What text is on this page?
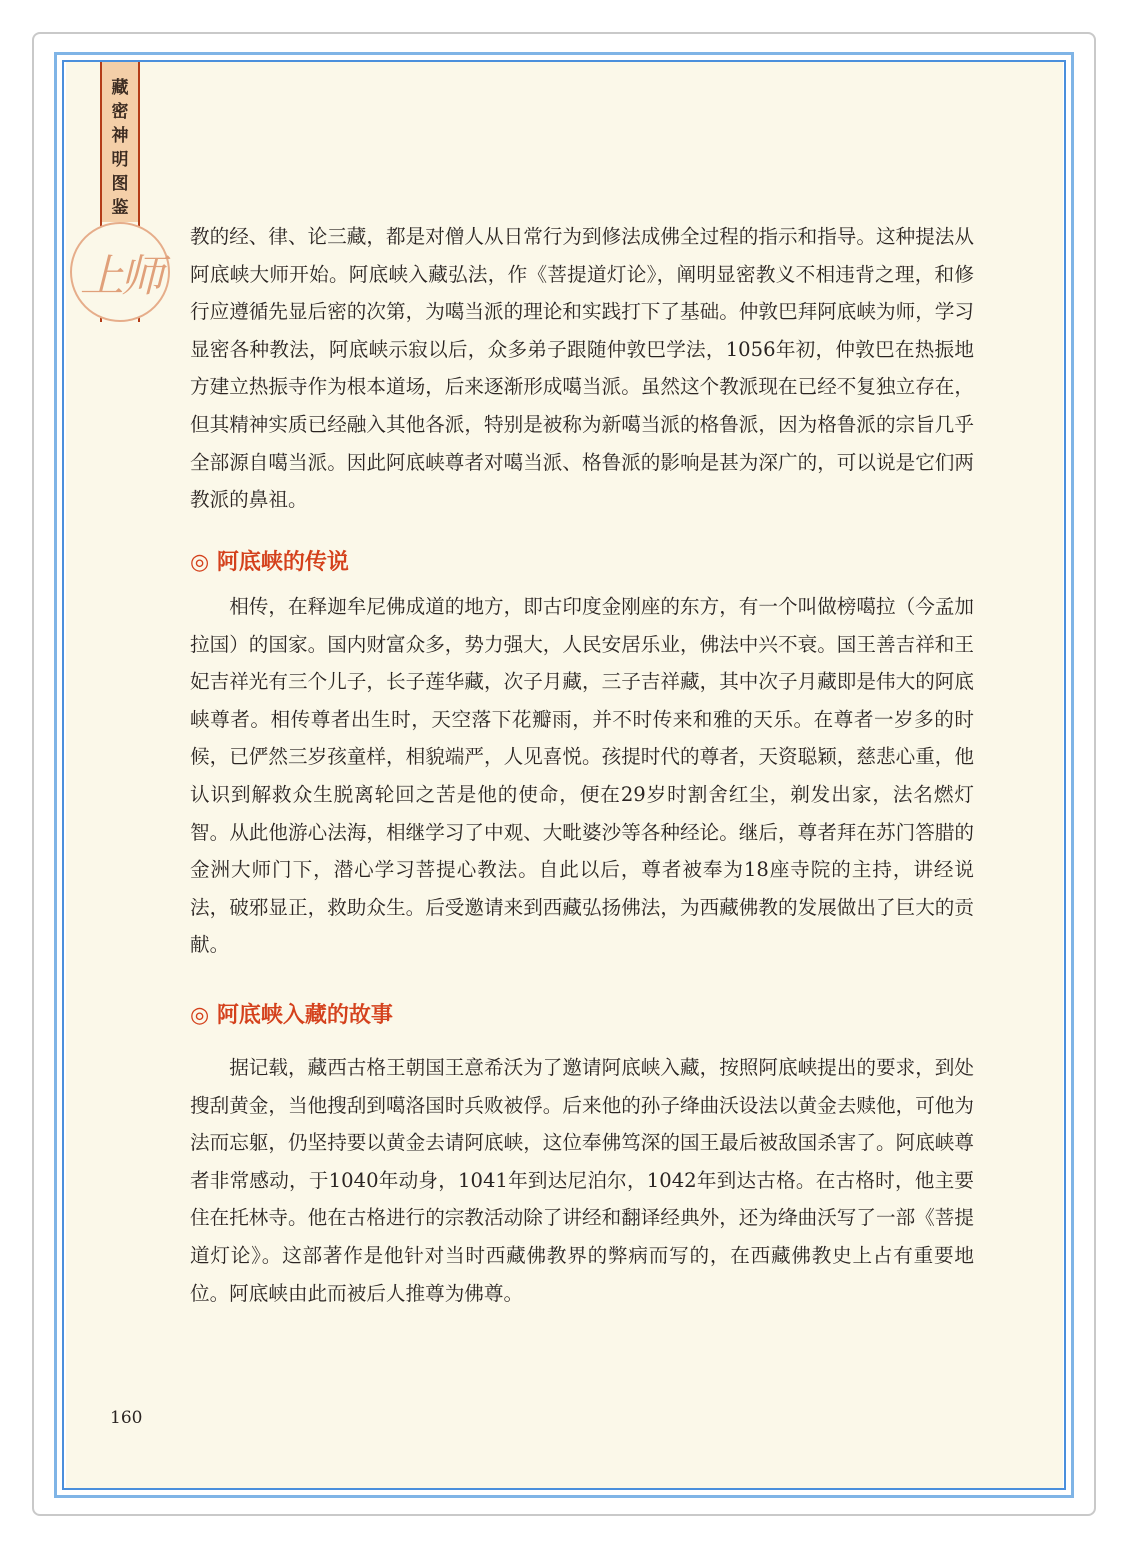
藏
密
神
明
图
鉴
上师

教的经、律、论三藏，都是对僧人从日常行为到修法成佛全过程的指示和指导。这种提法从阿底峡大师开始。阿底峡入藏弘法，作《菩提道灯论》，阐明显密教义不相违背之理，和修行应遵循先显后密的次第，为噶当派的理论和实践打下了基础。仲敦巴拜阿底峡为师，学习显密各种教法，阿底峡示寂以后，众多弟子跟随仲敦巴学法，1056年初，仲敦巴在热振地方建立热振寺作为根本道场，后来逐渐形成噶当派。虽然这个教派现在已经不复独立存在，但其精神实质已经融入其他各派，特别是被称为新噶当派的格鲁派，因为格鲁派的宗旨几乎全部源自噶当派。因此阿底峡尊者对噶当派、格鲁派的影响是甚为深广的，可以说是它们两教派的鼻祖。

◎ 阿底峡的传说

相传，在释迦牟尼佛成道的地方，即古印度金刚座的东方，有一个叫做榜噶拉（今孟加拉国）的国家。国内财富众多，势力强大，人民安居乐业，佛法中兴不衰。国王善吉祥和王妃吉祥光有三个儿子，长子莲华藏，次子月藏，三子吉祥藏，其中次子月藏即是伟大的阿底峡尊者。相传尊者出生时，天空落下花瓣雨，并不时传来和雅的天乐。在尊者一岁多的时候，已俨然三岁孩童样，相貌端严，人见喜悦。孩提时代的尊者，天资聪颖，慈悲心重，他认识到解救众生脱离轮回之苦是他的使命，便在29岁时割舍红尘，剃发出家，法名燃灯智。从此他游心法海，相继学习了中观、大毗婆沙等各种经论。继后，尊者拜在苏门答腊的金洲大师门下，潜心学习菩提心教法。自此以后，尊者被奉为18座寺院的主持，讲经说法，破邪显正，救助众生。后受邀请来到西藏弘扬佛法，为西藏佛教的发展做出了巨大的贡献。

◎ 阿底峡入藏的故事

据记载，藏西古格王朝国王意希沃为了邀请阿底峡入藏，按照阿底峡提出的要求，到处搜刮黄金，当他搜刮到噶洛国时兵败被俘。后来他的孙子绛曲沃设法以黄金去赎他，可他为法而忘躯，仍坚持要以黄金去请阿底峡，这位奉佛笃深的国王最后被敌国杀害了。阿底峡尊者非常感动，于1040年动身，1041年到达尼泊尔，1042年到达古格。在古格时，他主要住在托林寺。他在古格进行的宗教活动除了讲经和翻译经典外，还为绛曲沃写了一部《菩提道灯论》。这部著作是他针对当时西藏佛教界的弊病而写的，在西藏佛教史上占有重要地位。阿底峡由此而被后人推尊为佛尊。

160
